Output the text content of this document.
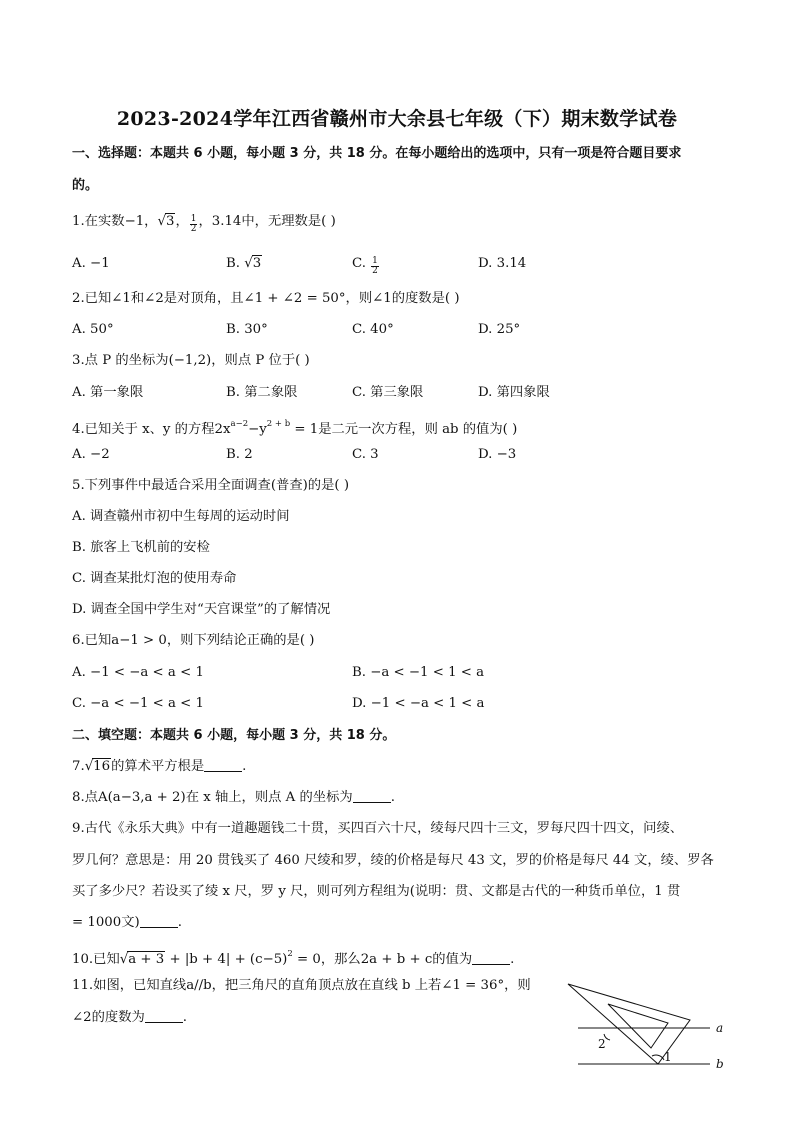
2023-2024学年江西省赣州市大余县七年级（下）期末数学试卷
一、选择题：本题共 6 小题，每小题 3 分，共 18 分。在每小题给出的选项中，只有一项是符合题目要求
的。
1.在实数−1，√3， $\frac{1}{2}$ ，3.14中，无理数是( )
A. −1	B. √3	C. $\frac{1}{2}$	D. 3.14
2.已知∠1和∠2是对顶角，且∠1 + ∠2 = 50°，则∠1的度数是( )
A. 50°	B. 30°	C. 40°	D. 25°
3.点 P 的坐标为(−1,2)，则点 P 位于( )
A. 第一象限	B. 第二象限	C. 第三象限	D. 第四象限
4.已知关于 x、y 的方程$2x^{a-2}-y^{2 + b} = 1$是二元一次方程，则 ab 的值为( )
A. −2	B. 2	C. 3	D. −3
5.下列事件中最适合采用全面调查(普查)的是( )
A. 调查赣州市初中生每周的运动时间
B. 旅客上飞机前的安检
C. 调查某批灯泡的使用寿命
D. 调查全国中学生对“天宫课堂”的了解情况
6.已知a−1 > 0，则下列结论正确的是( )
A. −1 < −a < a < 1	B. −a < −1 < 1 < a
C. −a < −1 < a < 1	D. −1 < −a < 1 < a
二、填空题：本题共 6 小题，每小题 3 分，共 18 分。
7.√16的算术平方根是	.
8.点A(a−3,a + 2)在 x 轴上，则点 A 的坐标为	.
9.古代《永乐大典》中有一道趣题钱二十贯，买四百六十尺，绫每尺四十三文，罗每尺四十四文，问绫、
罗几何？意思是：用 20 贯钱买了 460 尺绫和罗，绫的价格是每尺 43 文，罗的价格是每尺 44 文，绫、罗各
买了多少尺？若设买了绫 x 尺，罗 y 尺，则可列方程组为(说明：贯、文都是古代的一种货币单位，1 贯
= 1000文)	.
10.已知$√a + 3 + |b + 4| + (c-5)^2 = 0$，那么2a + b + c的值为	.
11.如图，已知直线a//b，把三角尺的直角顶点放在直线 b 上若∠1 = 36°，则
∠2的度数为	.
a
b
1
2
